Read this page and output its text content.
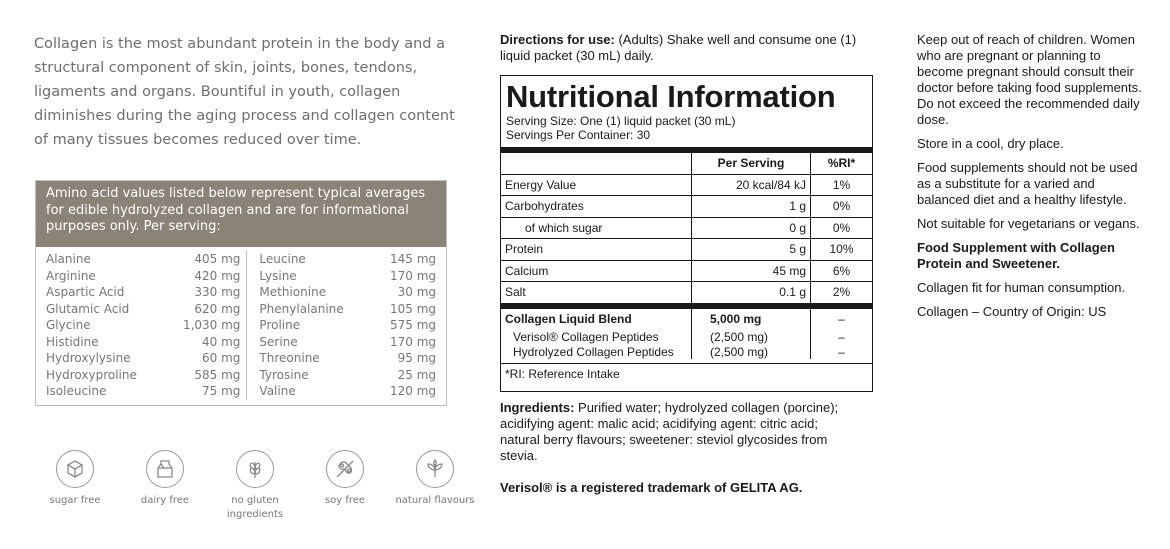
Collagen is the most abundant protein in the body and a structural component of skin, joints, bones, tendons, ligaments and organs. Bountiful in youth, collagen diminishes during the aging process and collagen content of many tissues becomes reduced over time.
Amino acid values listed below represent typical averages for edible hydrolyzed collagen and are for informational purposes only. Per serving:
Alanine	405 mg
Arginine	420 mg
Aspartic Acid	330 mg
Glutamic Acid	620 mg
Glycine	1,030 mg
Histidine	40 mg
Hydroxylysine	60 mg
Hydroxyproline	585 mg
Isoleucine	75 mg
Leucine	145 mg
Lysine	170 mg
Methionine	30 mg
Phenylalanine	105 mg
Proline	575 mg
Serine	170 mg
Threonine	95 mg
Tyrosine	25 mg
Valine	120 mg
sugar free	dairy free	no gluten ingredients
soy free	natural flavours
Directions for use: (Adults) Shake well and consume one (1) liquid packet (30 mL) daily.
Nutritional Information
Serving Size: One (1) liquid packet (30 mL)
Servings Per Container: 30
	Per Serving	%RI*
Energy Value	20 kcal/84 kJ	1%
Carbohydrates	1 g	0%
of which sugar	0 g	0%
Protein	5 g	10%
Calcium	45 mg	6%
Salt	0.1 g	2%
Collagen Liquid Blend	5,000 mg	–
Verisol® Collagen Peptides	(2,500 mg)	–
Hydrolyzed Collagen Peptides	(2,500 mg)	–

*RI: Reference Intake		
Ingredients: Purified water; hydrolyzed collagen (porcine); acidifying agent: malic acid; acidifying agent: citric acid; natural berry flavours; sweetener: steviol glycosides from stevia.
Verisol® is a registered trademark of GELITA AG.

Keep out of reach of children. Women who are pregnant or planning to become pregnant should consult their doctor before taking food supplements. Do not exceed the recommended daily dose.

Store in a cool, dry place.

Food supplements should not be used as a substitute for a varied and balanced diet and a healthy lifestyle.

Not suitable for vegetarians or vegans.

Food Supplement with Collagen Protein and Sweetener.

Collagen fit for human consumption.

Collagen – Country of Origin: US
